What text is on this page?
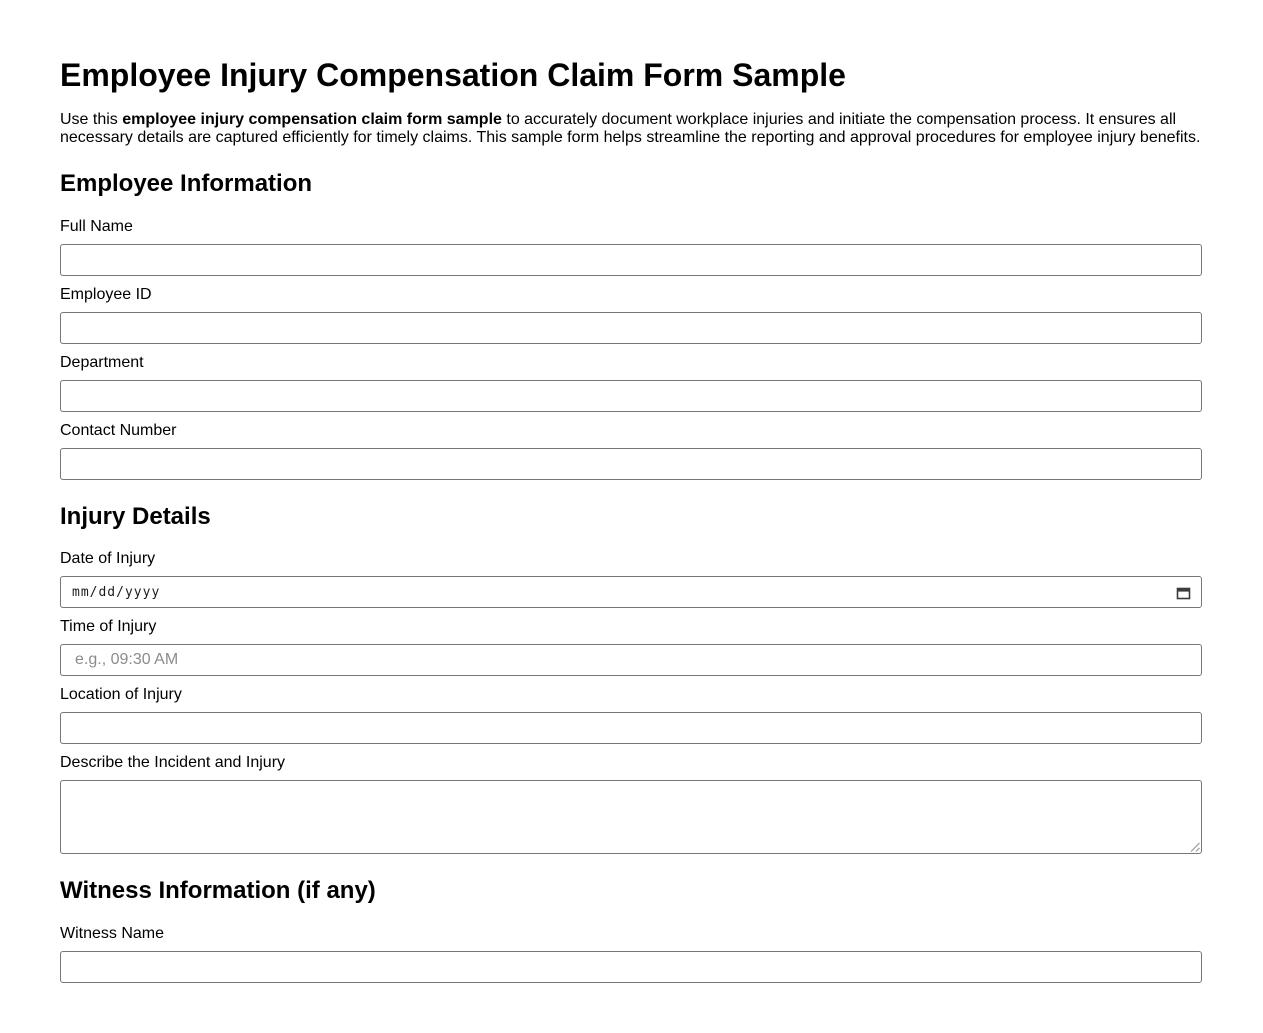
Employee Injury Compensation Claim Form Sample

Use this employee injury compensation claim form sample to accurately document workplace injuries and initiate the compensation process. It ensures all necessary details are captured efficiently for timely claims. This sample form helps streamline the reporting and approval procedures for employee injury benefits.

Employee Information
Full Name
Employee ID
Department
Contact Number
Injury Details
Date of Injury
mm/dd/yyyy
Time of Injury
e.g., 09:30 AM
Location of Injury
Describe the Incident and Injury
Witness Information (if any)
Witness Name
